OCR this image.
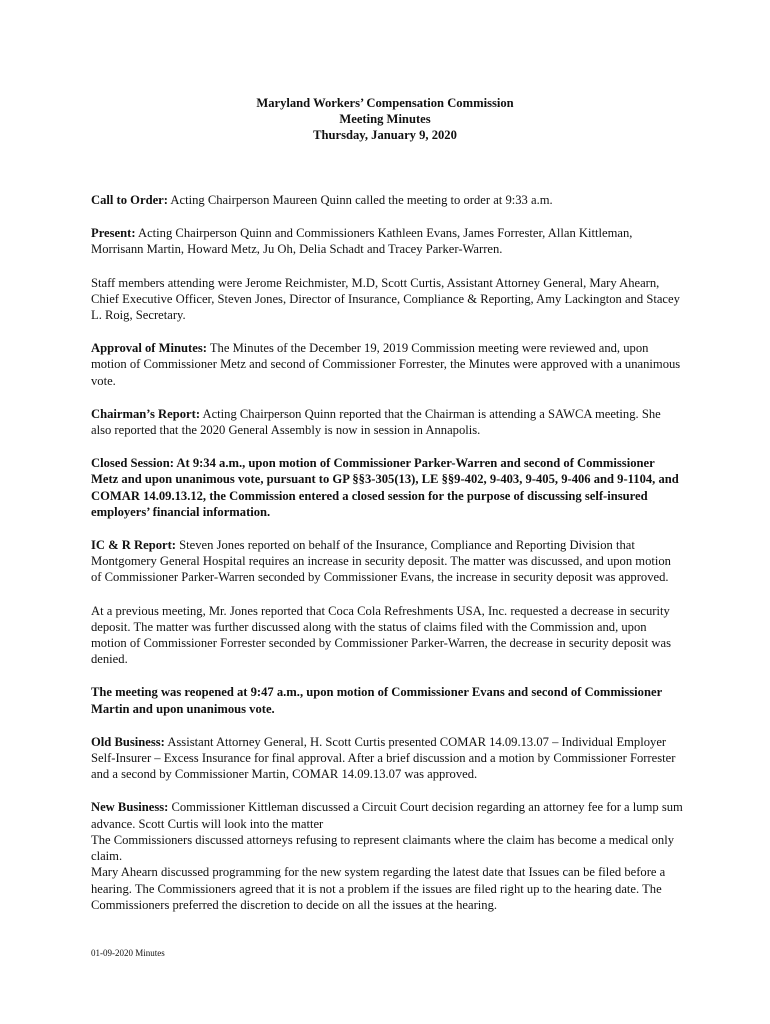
Maryland Workers’ Compensation Commission
Meeting Minutes
Thursday, January 9, 2020

Call to Order: Acting Chairperson Maureen Quinn called the meeting to order at 9:33 a.m.

Present: Acting Chairperson Quinn and Commissioners Kathleen Evans, James Forrester, Allan Kittleman, Morrisann Martin, Howard Metz, Ju Oh, Delia Schadt and Tracey Parker-Warren.

Staff members attending were Jerome Reichmister, M.D, Scott Curtis, Assistant Attorney General, Mary Ahearn, Chief Executive Officer, Steven Jones, Director of Insurance, Compliance & Reporting, Amy Lackington and Stacey L. Roig, Secretary.

Approval of Minutes: The Minutes of the December 19, 2019 Commission meeting were reviewed and, upon motion of Commissioner Metz and second of Commissioner Forrester, the Minutes were approved with a unanimous vote.

Chairman’s Report: Acting Chairperson Quinn reported that the Chairman is attending a SAWCA meeting. She also reported that the 2020 General Assembly is now in session in Annapolis.

Closed Session: At 9:34 a.m., upon motion of Commissioner Parker-Warren and second of Commissioner Metz and upon unanimous vote, pursuant to GP §§3-305(13), LE §§9-402, 9-403, 9-405, 9-406 and 9-1104, and COMAR 14.09.13.12, the Commission entered a closed session for the purpose of discussing self-insured employers’ financial information.

IC & R Report: Steven Jones reported on behalf of the Insurance, Compliance and Reporting Division that Montgomery General Hospital requires an increase in security deposit. The matter was discussed, and upon motion of Commissioner Parker-Warren seconded by Commissioner Evans, the increase in security deposit was approved.

At a previous meeting, Mr. Jones reported that Coca Cola Refreshments USA, Inc. requested a decrease in security deposit. The matter was further discussed along with the status of claims filed with the Commission and, upon motion of Commissioner Forrester seconded by Commissioner Parker-Warren, the decrease in security deposit was denied.

The meeting was reopened at 9:47 a.m., upon motion of Commissioner Evans and second of Commissioner Martin and upon unanimous vote.

Old Business: Assistant Attorney General, H. Scott Curtis presented COMAR 14.09.13.07 – Individual Employer Self-Insurer – Excess Insurance for final approval. After a brief discussion and a motion by Commissioner Forrester and a second by Commissioner Martin, COMAR 14.09.13.07 was approved.

New Business: Commissioner Kittleman discussed a Circuit Court decision regarding an attorney fee for a lump sum advance. Scott Curtis will look into the matter
The Commissioners discussed attorneys refusing to represent claimants where the claim has become a medical only claim.
Mary Ahearn discussed programming for the new system regarding the latest date that Issues can be filed before a hearing. The Commissioners agreed that it is not a problem if the issues are filed right up to the hearing date. The Commissioners preferred the discretion to decide on all the issues at the hearing.

01-09-2020 Minutes
